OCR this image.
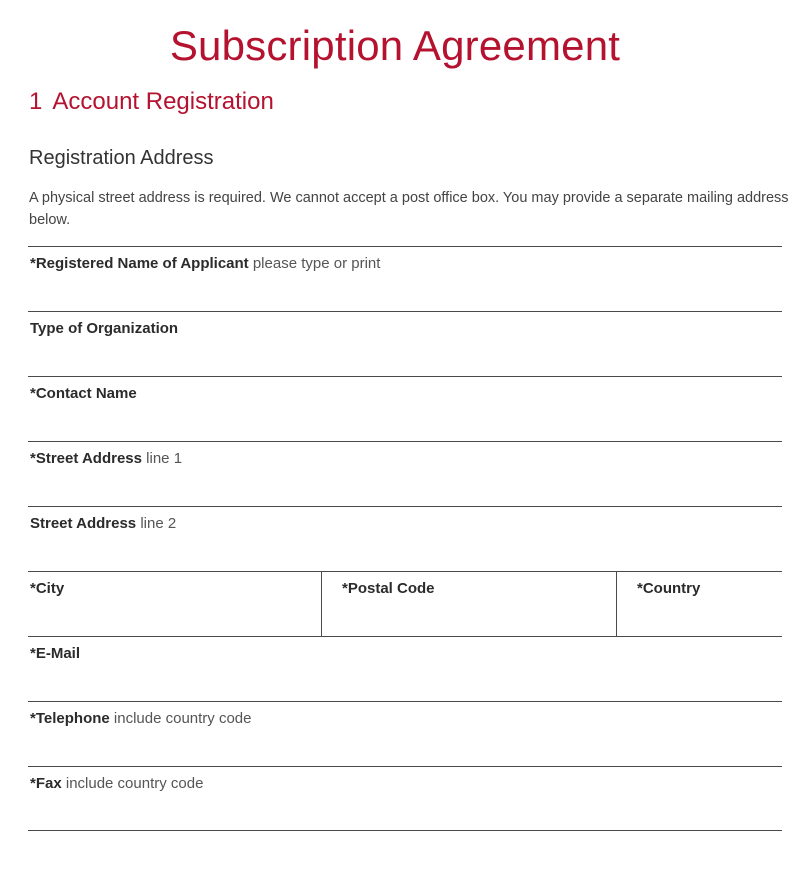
Subscription Agreement
1 Account Registration
Registration Address
A physical street address is required. We cannot accept a post office box. You may provide a separate mailing address below.
*Registered Name of Applicant please type or print
Type of Organization
*Contact Name
*Street Address line 1
Street Address line 2
*City	*Postal Code	*Country
*E-Mail
*Telephone include country code
*Fax include country code
